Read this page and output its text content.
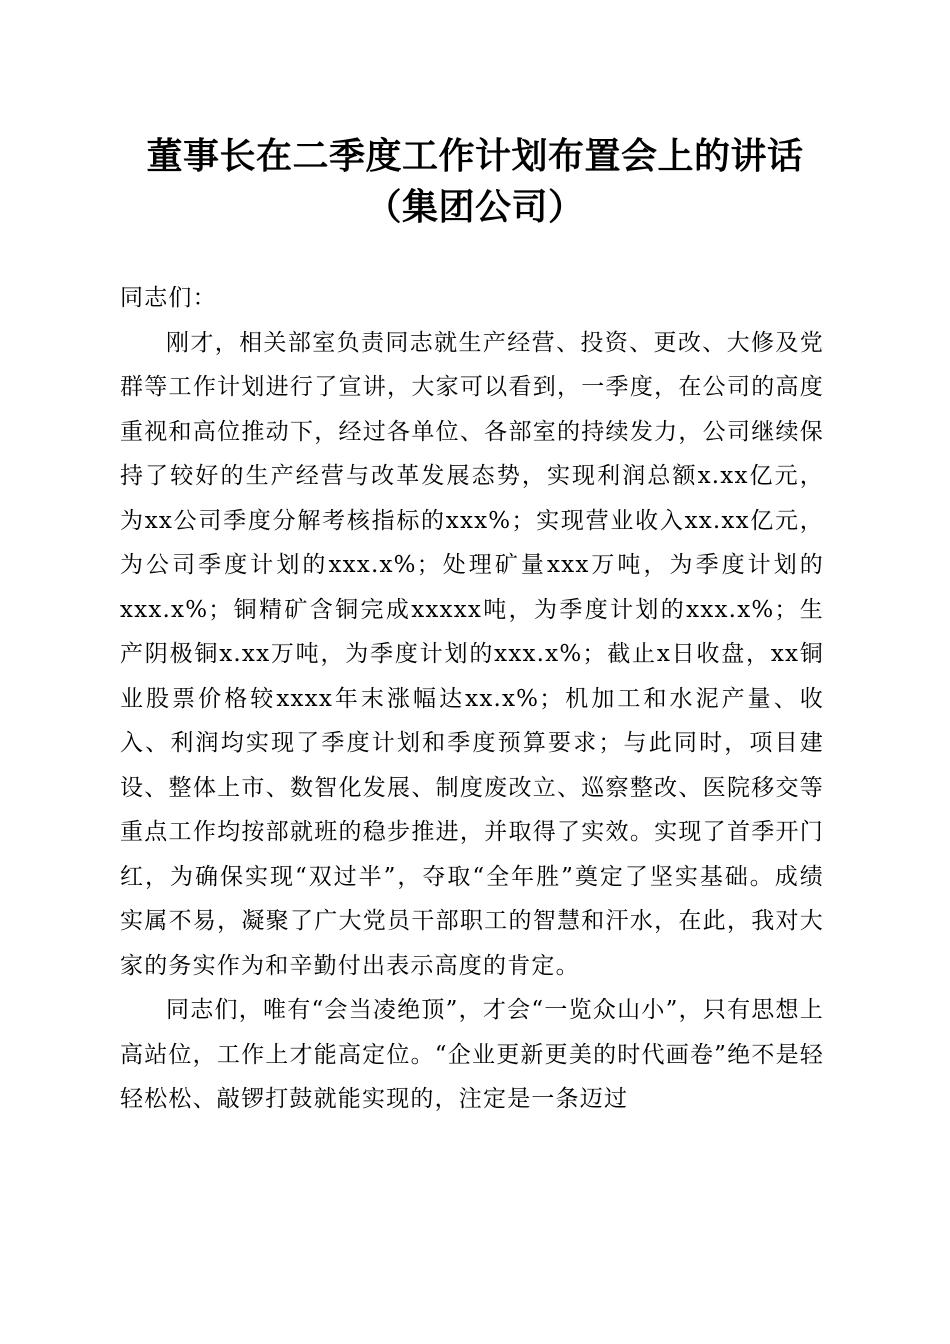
董事长在二季度工作计划布置会上的讲话（集团公司）

同志们：

刚才，相关部室负责同志就生产经营、投资、更改、大修及党群等工作计划进行了宣讲，大家可以看到，一季度，在公司的高度重视和高位推动下，经过各单位、各部室的持续发力，公司继续保持了较好的生产经营与改革发展态势，实现利润总额x.xx亿元，为xx公司季度分解考核指标的xxx%；实现营业收入xx.xx亿元，为公司季度计划的xxx.x%；处理矿量xxx万吨，为季度计划的xxx.x%；铜精矿含铜完成xxxxx吨，为季度计划的xxx.x%；生产阴极铜x.xx万吨，为季度计划的xxx.x%；截止x日收盘，xx铜业股票价格较xxxx年末涨幅达xx.x%；机加工和水泥产量、收入、利润均实现了季度计划和季度预算要求；与此同时，项目建设、整体上市、数智化发展、制度废改立、巡察整改、医院移交等重点工作均按部就班的稳步推进，并取得了实效。实现了首季开门红，为确保实现“双过半”，夺取“全年胜”奠定了坚实基础。成绩实属不易，凝聚了广大党员干部职工的智慧和汗水，在此，我对大家的务实作为和辛勤付出表示高度的肯定。

同志们，唯有“会当凌绝顶”，才会“一览众山小”，只有思想上高站位，工作上才能高定位。“企业更新更美的时代画卷”绝不是轻轻松松、敲锣打鼓就能实现的，注定是一条迈过
